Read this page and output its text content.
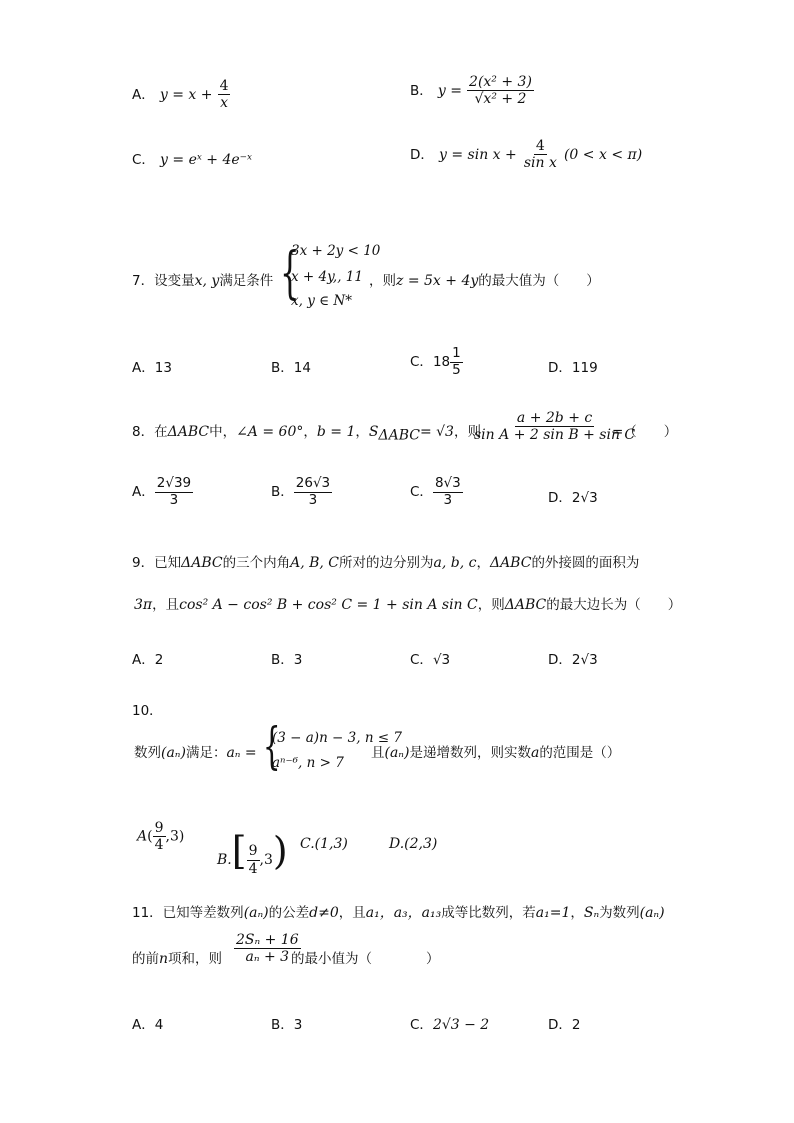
A． $y = x + \frac{4}{x}$	B． $y = \frac{\text{2(x² + 3)}}{\text{√x² + 2}}$
C． y = eˣ + 4e⁻ˣ	D． $y = \sin x + \frac{4}{\text{sin x}} (0 < x < \pi)$
7．设变量x, y满足条件 {
3x + 2y < 10
x + 4y,, 11
x, y ∈ N*
，则z = 5x + 4y的最大值为（　　）
A．13	B．14	C．$18 \frac{1}{5}$	D．119
8．在ΔABC中，∠A = 60°，b = 1，$S_{\Delta ABC}= √3$，则
$\frac{a + 2b + c}{\text{sin A + 2 sin B + sin C}}$
=（　　）
A． $\frac{2√39}{3}$	B． $\frac{26√3}{3}$	C． $\frac{8√3}{3}$	D．2√3
9．已知ΔABC的三个内角A, B, C所对的边分别为a, b, c，ΔABC的外接圆的面积为
3π，且cos² A − cos² B + cos² C = 1 + sin A sin C，则ΔABC的最大边长为（　　）
A．2	B．3	C．√3	D．2√3
10．
数列(aₙ)满足：aₙ = {
(3 − a)n − 3, n ≤ 7
aⁿ⁻⁶, n > 7
且(aₙ)是递增数列，则实数a的范围是（）
$A( \frac{9}{4} ,3)$
$B.[ \frac{9}{4} ,3)$ C.(1,3)	D.(2,3)
11．已知等差数列(aₙ)的公差d≠0，且a₁，a₃，a₁₃成等比数列，若a₁=1，Sₙ为数列(aₙ)
的前n项和，则 $\frac{\text{2Sₙ + 16}}{\text{aₙ + 3}}$
的最小值为（　　　　）
A．4	B．3	C．2√3 − 2	D．2
